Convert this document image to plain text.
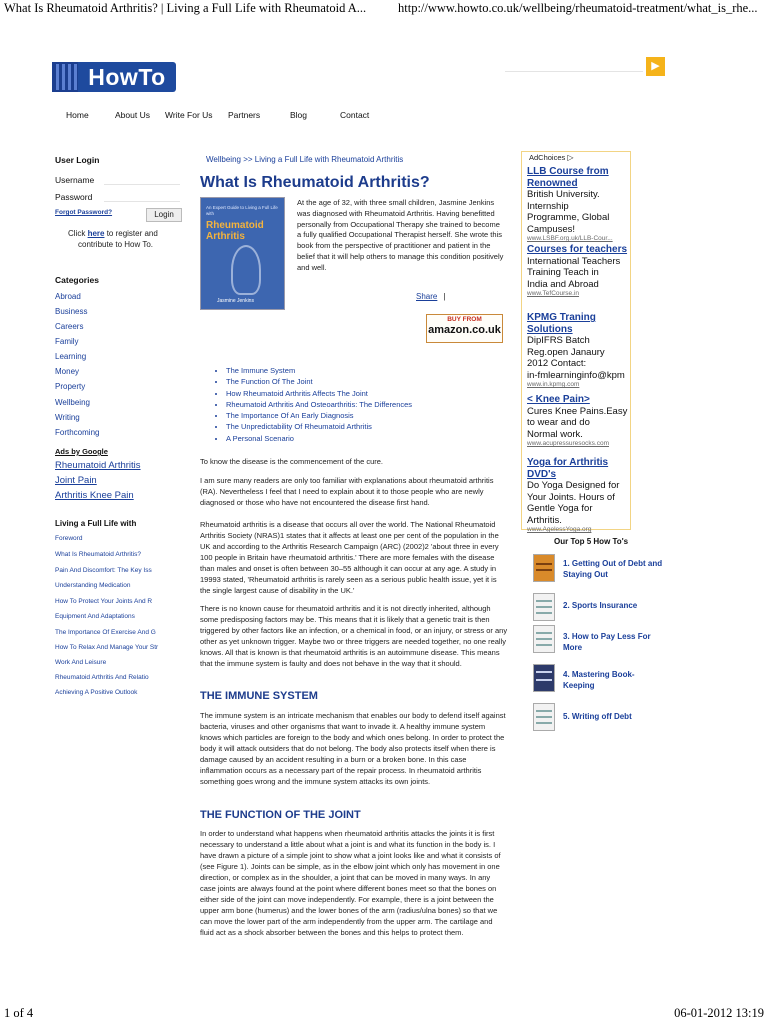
What Is Rheumatoid Arthritis? | Living a Full Life with Rheumatoid A...	http://www.howto.co.uk/wellbeing/rheumatoid-treatment/what_is_rhe...
1 of 4	06-01-2012 13:19
HowTo	▶
Home	About Us Write For Us Partners	Blog	Contact
User Login
Username
Password
Forgot Password?	Login
Click here to register and
contribute to How To.
Categories
Abroad
Business
Careers
Family
Learning
Money
Property
Wellbeing
Writing
Forthcoming
Ads by Google
Rheumatoid Arthritis
Joint Pain
Arthritis Knee Pain
Living a Full Life with
Foreword
What Is Rheumatoid Arthritis?
Pain And Discomfort: The Key Iss
Understanding Medication
How To Protect Your Joints And R
Equipment And Adaptations
The Importance Of Exercise And G
How To Relax And Manage Your Str
Work And Leisure
Rheumatoid Arthritis And Relatio
Achieving A Positive Outlook
Wellbeing >> Living a Full Life with Rheumatoid Arthritis
What Is Rheumatoid Arthritis?
An Expert Guide to Living a Full Life with
Rheumatoid Arthritis
Jasmine Jenkins
At the age of 32, with three small children, Jasmine Jenkins was diagnosed with Rheumatoid Arthritis. Having benefitted personally from Occupational Therapy she trained to become a fully qualified Occupational Therapist herself. She wrote this book from the perspective of practitioner and patient in the belief that it will help others to manage this condition positively and well.
Share |
BUY FROM
amazon.co.uk
• The Immune System
• The Function Of The Joint
• How Rheumatoid Arthritis Affects The Joint
• Rheumatoid Arthritis And Osteoarthritis: The Differences
• The Importance Of An Early Diagnosis
• The Unpredictability Of Rheumatoid Arthritis
• A Personal Scenario
To know the disease is the commencement of the cure.
I am sure many readers are only too familiar with explanations about rheumatoid arthritis (RA). Nevertheless I feel that I need to explain about it to those people who are newly diagnosed or those who have not encountered the disease first hand.
Rheumatoid arthritis is a disease that occurs all over the world. The National Rheumatoid Arthritis Society (NRAS)1 states that it affects at least one per cent of the population in the UK and according to the Arthritis Research Campaign (ARC) (2002)2 'about three in every 100 people in Britain have rheumatoid arthritis.' There are more females with the disease than males and onset is often between 30–55 although it can occur at any age. A study in 19993 stated, 'Rheumatoid arthritis is rarely seen as a serious public health issue, yet it is the single largest cause of disability in the UK.'
There is no known cause for rheumatoid arthritis and it is not directly inherited, although some predisposing factors may be. This means that it is likely that a genetic trait is then triggered by other factors like an infection, or a chemical in food, or an injury, or stress or any other as yet unknown trigger. Maybe two or three triggers are needed together, no one really knows. All that is known is that rheumatoid arthritis is an autoimmune disease. This means that the immune system is faulty and does not behave in the way that it should.
THE IMMUNE SYSTEM
The immune system is an intricate mechanism that enables our body to defend itself against bacteria, viruses and other organisms that want to invade it. A healthy immune system knows which particles are foreign to the body and which ones belong. In order to protect the body it will attack outsiders that do not belong. The body also protects itself when there is damage caused by an accident resulting in a burn or a broken bone. In this case inflammation occurs as a necessary part of the repair process. In rheumatoid arthritis something goes wrong and the immune system attacks its own joints.
THE FUNCTION OF THE JOINT
In order to understand what happens when rheumatoid arthritis attacks the joints it is first necessary to understand a little about what a joint is and what its function in the body is. I have drawn a picture of a simple joint to show what a joint looks like and what it consists of (see Figure 1). Joints can be simple, as in the elbow joint which only has movement in one direction, or complex as in the shoulder, a joint that can be moved in many ways. In any case joints are always found at the point where different bones meet so that the bones on either side of the joint can move independently. For example, there is a joint between the upper arm bone (humerus) and the lower bones of the arm (radius/ulna bones) so that we can move the lower part of the arm independently from the upper arm. The cartilage and fluid act as a shock absorber between the bones and this helps to protect them.
AdChoices ▷
LLB Course from Renowned
British University.
Internship
Programme, Global
Campuses!
www.LSBF.org.uk/LLB-Cour...
Courses for teachers
International Teachers
Training Teach in
India and Abroad
www.TefCourse.in
KPMG Traning Solutions
DipIFRS Batch
Reg.open Janaury
2012 Contact:
in-fmlearninginfo@kpm
www.in.kpmg.com
< Knee Pain>
Cures Knee Pains.Easy
to wear and do
Normal work.
www.acupressuresocks.com
Yoga for Arthritis DVD's
Do Yoga Designed for
Your Joints. Hours of
Gentle Yoga for
Arthritis.
www.AgelessYoga.org
Our Top 5 How To's
1. Getting Out of Debt and Staying Out
2. Sports Insurance
3. How to Pay Less For More
4. Mastering Book-Keeping
5. Writing off Debt
